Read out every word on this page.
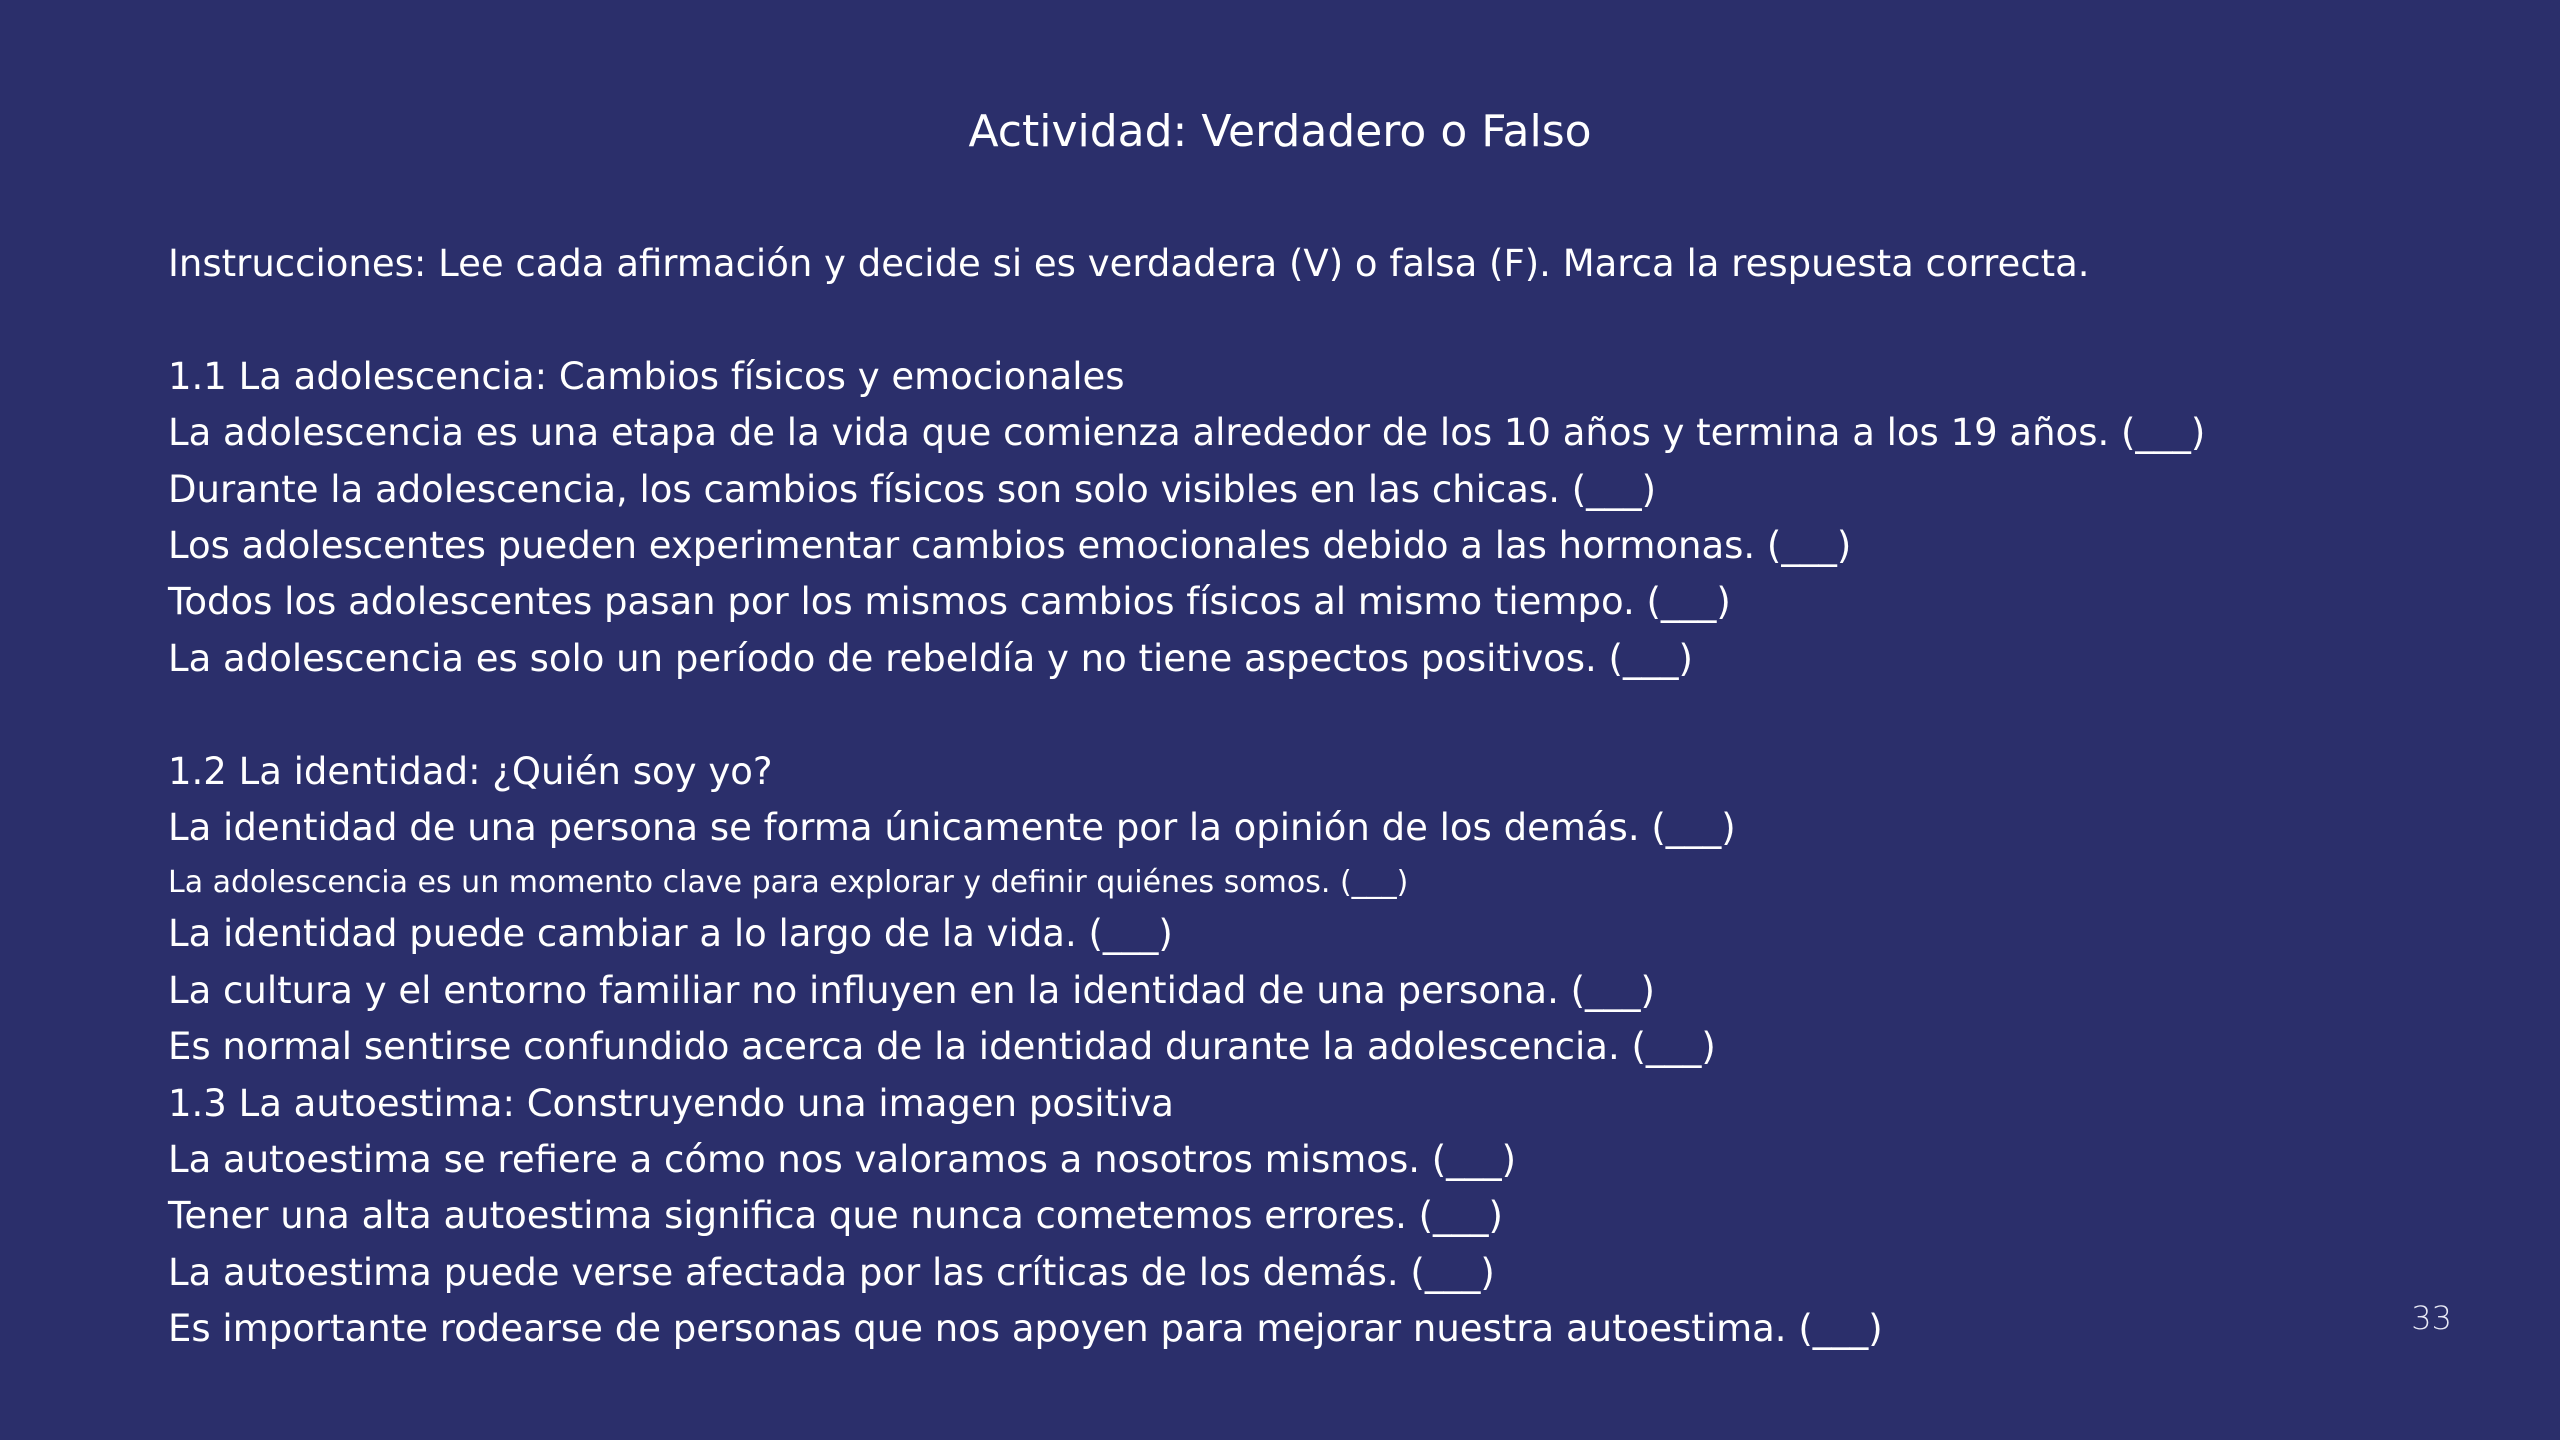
Actividad: Verdadero o Falso
Instrucciones: Lee cada afirmación y decide si es verdadera (V) o falsa (F). Marca la respuesta correcta.
1.1 La adolescencia: Cambios físicos y emocionales
La adolescencia es una etapa de la vida que comienza alrededor de los 10 años y termina a los 19 años. (___)
Durante la adolescencia, los cambios físicos son solo visibles en las chicas. (___)
Los adolescentes pueden experimentar cambios emocionales debido a las hormonas. (___)
Todos los adolescentes pasan por los mismos cambios físicos al mismo tiempo. (___)
La adolescencia es solo un período de rebeldía y no tiene aspectos positivos. (___)
1.2 La identidad: ¿Quién soy yo?
La identidad de una persona se forma únicamente por la opinión de los demás. (___)
La adolescencia es un momento clave para explorar y definir quiénes somos. (___)
La identidad puede cambiar a lo largo de la vida. (___)
La cultura y el entorno familiar no influyen en la identidad de una persona. (___)
Es normal sentirse confundido acerca de la identidad durante la adolescencia. (___)
1.3 La autoestima: Construyendo una imagen positiva
La autoestima se refiere a cómo nos valoramos a nosotros mismos. (___)
Tener una alta autoestima significa que nunca cometemos errores. (___)
La autoestima puede verse afectada por las críticas de los demás. (___)
Es importante rodearse de personas que nos apoyen para mejorar nuestra autoestima. (___)	33
